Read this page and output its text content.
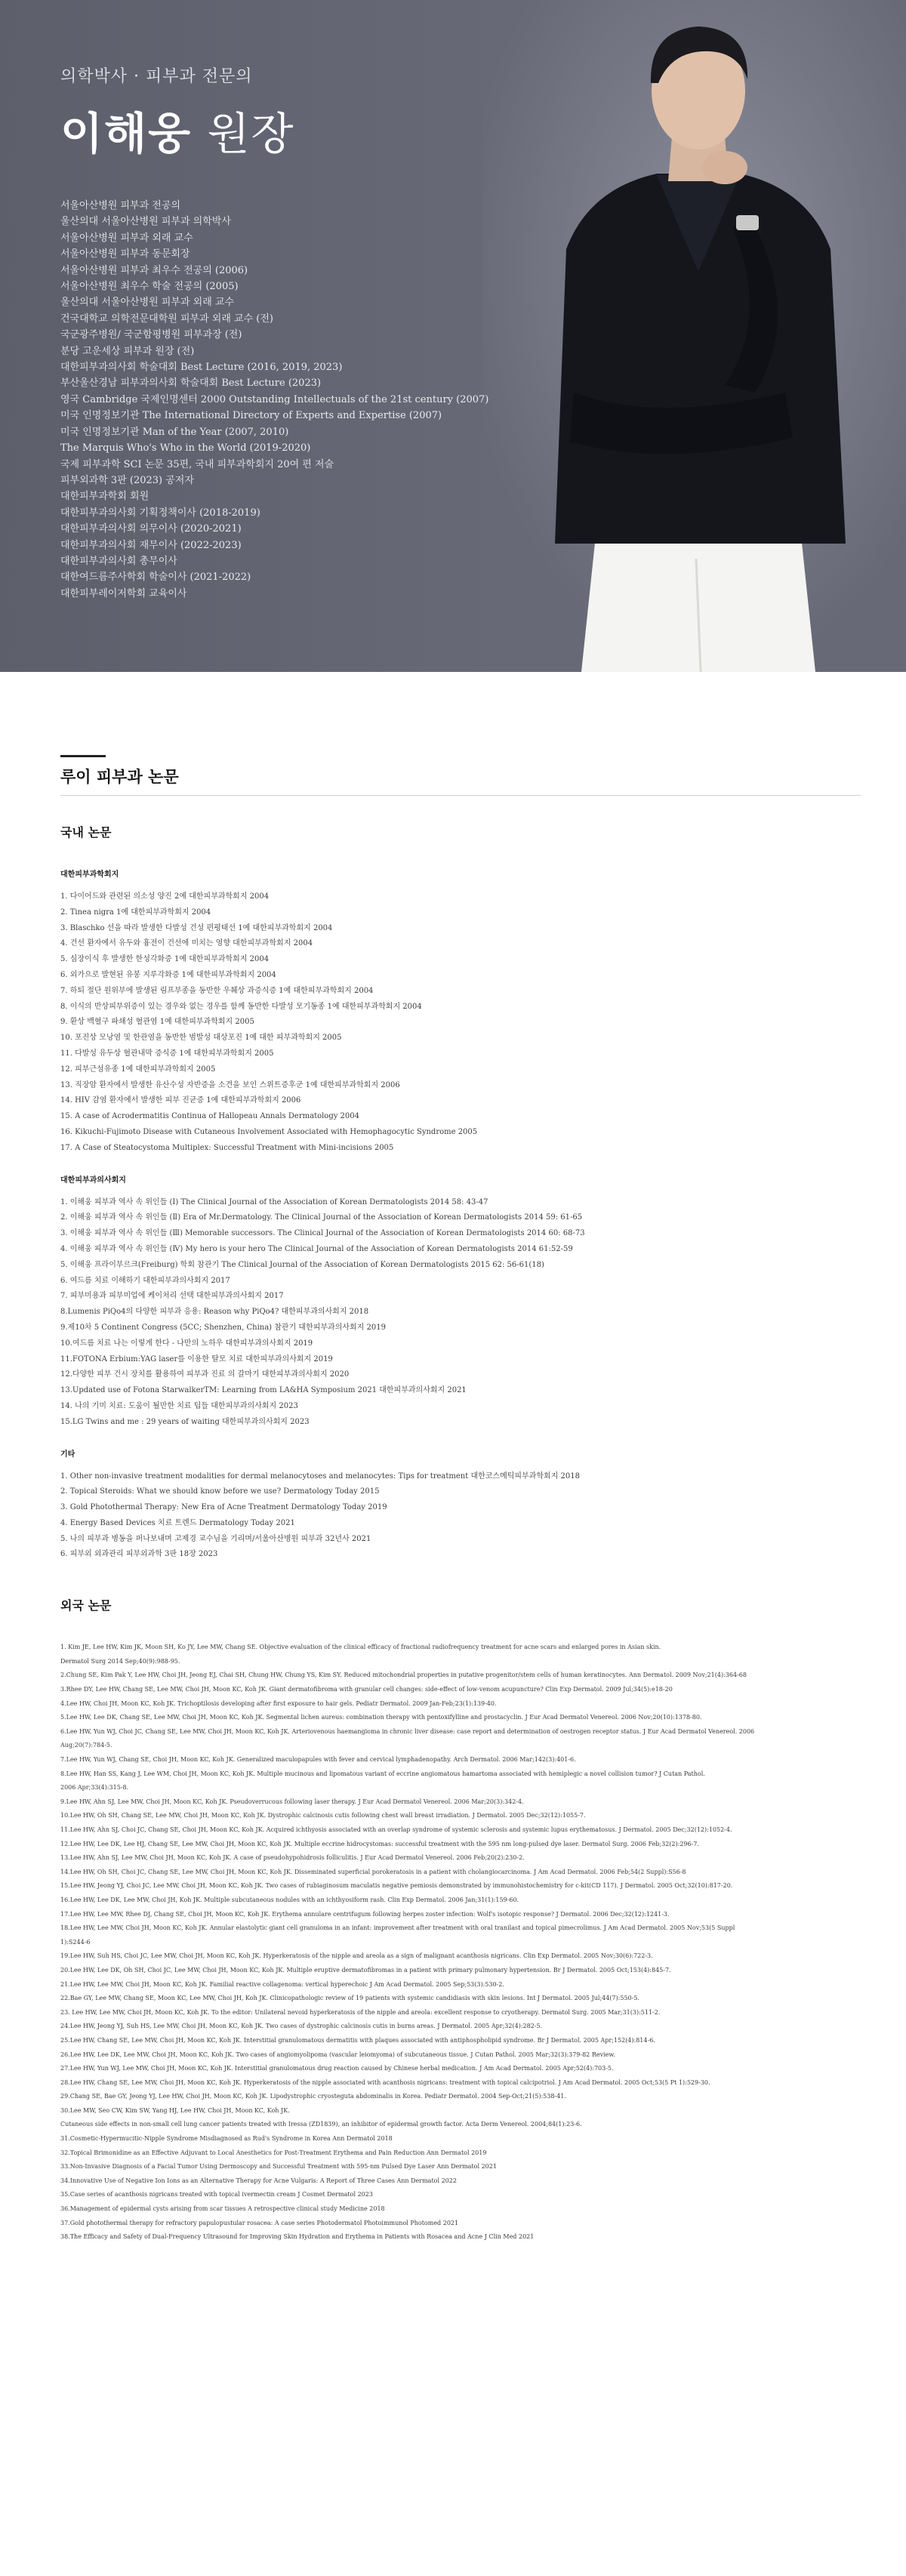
의학박사 · 피부과 전문의
이해웅 원장
서울아산병원 피부과 전공의
울산의대 서울아산병원 피부과 의학박사
서울아산병원 피부과 외래 교수
서울아산병원 피부과 동문회장
서울아산병원 피부과 최우수 전공의 (2006)
서울아산병원 최우수 학술 전공의 (2005)
울산의대 서울아산병원 피부과 외래 교수
건국대학교 의학전문대학원 피부과 외래 교수 (전)
국군광주병원/ 국군함평병원 피부과장 (전)
분당 고운세상 피부과 원장 (전)
대한피부과의사회 학술대회 Best Lecture (2016, 2019, 2023)
부산울산경남 피부과의사회 학술대회 Best Lecture (2023)
영국 Cambridge 국제인명센터 2000 Outstanding Intellectuals of the 21st century (2007)
미국 인명정보기관 The International Directory of Experts and Expertise (2007)
미국 인명정보기관 Man of the Year (2007, 2010)
The Marquis Who's Who in the World (2019-2020)
국제 피부과학 SCI 논문 35편, 국내 피부과학회지 20여 편 저술
피부외과학 3판 (2023) 공저자
대한피부과학회 회원
대한피부과의사회 기획정책이사 (2018-2019)
대한피부과의사회 의무이사 (2020-2021)
대한피부과의사회 재무이사 (2022-2023)
대한피부과의사회 총무이사
대한여드름주사학회 학술이사 (2021-2022)
대한피부레이저학회 교육이사
루이 피부과 논문
국내 논문
대한피부과학회지
1. 다이어드와 관련된 의소성 양진 2예 대한피부과학회지 2004
2. Tinea nigra 1예 대한피부과학회지 2004
3. Blaschko 선을 따라 발생한 다발성 건성 편평태선 1예 대한피부과학회지 2004
4. 건선 환자에서 유두와 흉전이 건선에 미치는 영향 대한피부과학회지 2004
5. 심장이식 후 발생한 한성각화증 1예 대한피부과학회지 2004
6. 외가으로 발현된 유봉 지루각화증 1예 대한피부과학회지 2004
7. 하퇴 절단 원위부에 발생된 림프부종을 동반한 우췌상 과증식증 1예 대한피부과학회지 2004
8. 이식의 반상피부위증이 있는 경우와 없는 경우를 함께 동반한 다발성 모기동종 1예 대한피부과학회지 2004
9. 환상 백혈구 파쇄성 혈관염 1예 대한피부과학회지 2005
10. 포진상 모낭염 및 한관염을 동반한 범발성 대상포진 1예 대한 피부과학회지 2005
11. 다발성 유두상 혈관내막 증식증 1예 대한피부과학회지 2005
12. 피부근섬유종 1예 대한피부과학회지 2005
13. 직장암 환자에서 발생한 유산수성 자반증을 소견을 보인 스위트증후군 1예 대한피부과학회지 2006
14. HIV 감염 환자에서 발생한 피부 진균증 1예 대한피부과학회지 2006
15. A case of Acrodermatitis Continua of Hallopeau Annals Dermatology 2004
16. Kikuchi-Fujimoto Disease with Cutaneous Involvement Associated with Hemophagocytic Syndrome 2005
17. A Case of Steatocystoma Multiplex: Successful Treatment with Mini-incisions 2005
대한피부과의사회지
1. 이해웅 피부과 역사 속 위인들 (Ⅰ) The Clinical Journal of the Association of Korean Dermatologists 2014 58: 43-47
2. 이해웅 피부과 역사 속 위인들 (Ⅱ) Era of Mr.Dermatology. The Clinical Journal of the Association of Korean Dermatologists 2014 59: 61-65
3. 이해웅 피부과 역사 속 위인들 (Ⅲ) Memorable successors. The Clinical Journal of the Association of Korean Dermatologists 2014 60: 68-73
4. 이해웅 피부과 역사 속 위인들 (Ⅳ) My hero is your hero The Clinical Journal of the Association of Korean Dermatologists 2014 61:52-59
5. 이해웅 프라이부르크(Freiburg) 학회 참관기 The Clinical Journal of the Association of Korean Dermatologists 2015 62: 56-61(18)
6. 여드름 치료 이해하기 대한피부과의사회지 2017
7. 피부미용과 피부미업에 케이처리 선택 대한피부과의사회지 2017
8.Lumenis PiQo4의 다양한 피부과 응용: Reason why PiQo4? 대한피부과의사회지 2018
9.제10차 5 Continent Congress (5CC; Shenzhen, China) 참관기 대한피부과의사회지 2019
10.여드름 치료 나는 이렇게 한다 - 나만의 노하우 대한피부과의사회지 2019
11.FOTONA Erbium:YAG laser를 이용한 탈모 치료 대한피부과의사회지 2019
12.다양한 피부 건시 장치를 활용하여 피부과 진료 의 갈마기 대한피부과의사회지 2020
13.Updated use of Fotona StarwalkerTM: Learning from LA&HA Symposium 2021 대한피부과의사회지 2021
14. 나의 기미 치료: 도움이 될만한 치료 팁들 대한피부과의사회지 2023
15.LG Twins and me : 29 years of waiting 대한피부과의사회지 2023
기타
1. Other non-invasive treatment modalities for dermal melanocytoses and melanocytes: Tips for treatment 대한코스메틱피부과학회지 2018
2. Topical Steroids: What we should know before we use? Dermatology Today 2015
3. Gold Photothermal Therapy: New Era of Acne Treatment Dermatology Today 2019
4. Energy Based Devices 치료 트렌드 Dermatology Today 2021
5. 나의 피부과 병동을 퍼나보내며 고제경 교수님을 기리며/서울아산병원 피부과 32년사 2021
6. 피부외 외과관리 피부외과학 3판 18장 2023
외국 논문
1. Kim JE, Lee HW, Kim JK, Moon SH, Ko JY, Lee MW, Chang SE. Objective evaluation of the clinical efficacy of fractional radiofrequency treatment for acne scars and enlarged pores in Asian skin.
Dermatol Surg 2014 Sep;40(9):988-95.
2.Chung SE, Kim Pak Y, Lee HW, Choi JH, Jeong EJ, Chai SH, Chung HW, Chung YS, Kim SY. Reduced mitochondrial properties in putative progenitor/stem cells of human keratinocytes. Ann Dermatol. 2009 Nov;21(4):364-68
3.Rhee DY, Lee HW, Chang SE, Lee MW, Choi JH, Moon KC, Koh JK. Giant dermatofibroma with granular cell changes: side-effect of low-venom acupuncture? Clin Exp Dermatol. 2009 Jul;34(5):e18-20
4.Lee HW, Choi JH, Moon KC, Koh JK. Trichoptilosis developing after first exposure to hair gels. Pediatr Dermatol. 2009 Jan-Feb;23(1):139-40.
5.Lee HW, Lee DK, Chang SE, Lee MW, Choi JH, Moon KC, Koh JK. Segmental lichen aureus: combination therapy with pentoxifylline and prostacyclin. J Eur Acad Dermatol Venereol. 2006 Nov;20(10):1378-80.
6.Lee HW, Yun WJ, Choi JC, Chang SE, Lee MW, Choi JH, Moon KC, Koh JK. Arteriovenous haemangioma in chronic liver disease: case report and determination of oestrogen receptor status. J Eur Acad Dermatol Venereol. 2006
Aug;20(7):784-5.
7.Lee HW, Yun WJ, Chang SE, Choi JH, Moon KC, Koh JK. Generalized maculopapules with fever and cervical lymphadenopathy. Arch Dermatol. 2006 Mar;142(3):401-6.
8.Lee HW, Han SS, Kang J, Lee WM, Choi JH, Moon KC, Koh JK. Multiple mucinous and lipomatous variant of eccrine angiomatous hamartoma associated with hemiplegic a novel collision tumor? J Cutan Pathol.
2006 Apr;33(4):315-8.
9.Lee HW, Ahn SJ, Lee MW, Choi JH, Moon KC, Koh JK. Pseudoverrucous following laser therapy. J Eur Acad Dermatol Venereol. 2006 Mar;20(3):342-4.
10.Lee HW, Oh SH, Chang SE, Lee MW, Choi JH, Moon KC, Koh JK. Dystrophic calcinosis cutis following chest wall breast irradiation. J Dermatol. 2005 Dec;32(12):1055-7.
11.Lee HW, Ahn SJ, Choi JC, Chang SE, Choi JH, Moon KC, Koh JK. Acquired ichthyosis associated with an overlap syndrome of systemic sclerosis and systemic lupus erythematosus. J Dermatol. 2005 Dec;32(12):1052-4.
12.Lee HW, Lee DK, Lee HJ, Chang SE, Lee MW, Choi JH, Moon KC, Koh JK. Multiple eccrine hidrocystomas: successful treatment with the 595 nm long-pulsed dye laser. Dermatol Surg. 2006 Feb;32(2):296-7.
13.Lee HW, Ahn SJ, Lee MW, Choi JH, Moon KC, Koh JK. A case of pseudohypohidrosis folliculitis. J Eur Acad Dermatol Venereol. 2006 Feb;20(2):230-2.
14.Lee HW, Oh SH, Choi JC, Chang SE, Lee MW, Choi JH, Moon KC, Koh JK. Disseminated superficial porokeratosis in a patient with cholangiocarcinoma. J Am Acad Dermatol. 2006 Feb;54(2 Suppl):S56-8
15.Lee HW, Jeong YJ, Choi JC, Lee MW, Choi JH, Moon KC, Koh JK. Two cases of rubiaginosum maculatis negative pemiosis demonstrated by immunohistochemistry for c-kit(CD 117). J Dermatol. 2005 Oct;32(10):817-20.
16.Lee HW, Lee DK, Lee MW, Choi JH, Koh JK. Multiple subcutaneous nodules with an ichthyosiform rash. Clin Exp Dermatol. 2006 Jan;31(1):159-60.
17.Lee HW, Lee MW, Rhee DJ, Chang SE, Choi JH, Moon KC, Koh JK. Erythema annulare centrifugum following herpes zoster infection: Wolf's isotopic response? J Dermatol. 2006 Dec;32(12):1241-3.
18.Lee HW, Lee MW, Choi JH, Moon KC, Koh JK. Annular elastolytic giant cell granuloma in an infant: improvement after treatment with oral tranilast and topical pimecrolimus. J Am Acad Dermatol. 2005 Nov;53(5 Suppl
1):S244-6
19.Lee HW, Suh HS, Choi JC, Lee MW, Choi JH, Moon KC, Koh JK. Hyperkeratosis of the nipple and areola as a sign of malignant acanthosis nigricans. Clin Exp Dermatol. 2005 Nov;30(6):722-3.
20.Lee HW, Lee DK, Oh SH, Choi JC, Lee MW, Choi JH, Moon KC, Koh JK. Multiple eruptive dermatofibromas in a patient with primary pulmonary hypertension. Br J Dermatol. 2005 Oct;153(4):845-7.
21.Lee HW, Lee MW, Choi JH, Moon KC, Koh JK. Familial reactive collagenoma: vertical hyperechoic J Am Acad Dermatol. 2005 Sep;53(3):530-2.
22.Bae GY, Lee MW, Chang SE, Moon KC, Lee MW, Choi JH, Koh JK. Clinicopathologic review of 19 patients with systemic candidiasis with skin lesions. Int J Dermatol. 2005 Jul;44(7):550-5.
23. Lee HW, Lee MW, Choi JH, Moon KC, Koh JK. To the editor: Unilateral nevoid hyperkeratosis of the nipple and areola: excellent response to cryotherapy. Dermatol Surg. 2005 Mar;31(3):511-2.
24.Lee HW, Jeong YJ, Suh HS, Lee MW, Choi JH, Moon KC, Koh JK. Two cases of dystrophic calcinosis cutis in burns areas. J Dermatol. 2005 Apr;32(4):282-5.
25.Lee HW, Chang SE, Lee MW, Choi JH, Moon KC, Koh JK. Interstitial granulomatous dermatitis with plaques associated with antiphospholipid syndrome. Br J Dermatol. 2005 Apr;152(4):814-6.
26.Lee HW, Lee DK, Lee MW, Choi JH, Moon KC, Koh JK. Two cases of angiomyolipoma (vascular leiomyoma) of subcutaneous tissue. J Cutan Pathol. 2005 Mar;32(3):379-82 Review.
27.Lee HW, Yun WJ, Lee MW, Choi JH, Moon KC, Koh JK. Interstitial granulomatous drug reaction caused by Chinese herbal medication. J Am Acad Dermatol. 2005 Apr;52(4):703-5.
28.Lee HW, Chang SE, Lee MW, Choi JH, Moon KC, Koh JK. Hyperkeratosis of the nipple associated with acanthosis nigricans: treatment with topical calcipotriol. J Am Acad Dermatol. 2005 Oct;53(5 Pt 1):529-30.
29.Chang SE, Bae GY, Jeong YJ, Lee HW, Choi JH, Moon KC, Koh JK. Lipodystrophic cryosteguta abdominalis in Korea. Pediatr Dermatol. 2004 Sep-Oct;21(5):538-41.
30.Lee MW, Seo CW, Kim SW, Yang HJ, Lee HW, Choi JH, Moon KC, Koh JK.
Cutaneous side effects in non-small cell lung cancer patients treated with Iressa (ZD1839), an inhibitor of epidermal growth factor. Acta Derm Venereol. 2004;84(1):23-6.
31.Cosmetic-Hypermucitic-Nipple Syndrome Misdiagnosed as Rud's Syndrome in Korea Ann Dermatol 2018
32.Topical Brimonidine as an Effective Adjuvant to Local Anesthetics for Post-Treatment Erythema and Pain Reduction Ann Dermatol 2019
33.Non-Invasive Diagnosis of a Facial Tumor Using Dermoscopy and Successful Treatment with 595-nm Pulsed Dye Laser Ann Dermatol 2021
34.Innovative Use of Negative Ion Ions as an Alternative Therapy for Acne Vulgaris: A Report of Three Cases Ann Dermatol 2022
35.Case series of acanthosis nigricans treated with topical ivermectin cream J Cosmet Dermatol 2023
36.Management of epidermal cysts arising from scar tissues A retrospective clinical study Medicine 2018
37.Gold photothermal therapy for refractory papulopustular rosacea: A case series Photodermatol Photoimmunol Photomed 2021
38.The Efficacy and Safety of Dual-Frequency Ultrasound for Improving Skin Hydration and Erythema in Patients with Rosacea and Acne J Clin Med 2021
